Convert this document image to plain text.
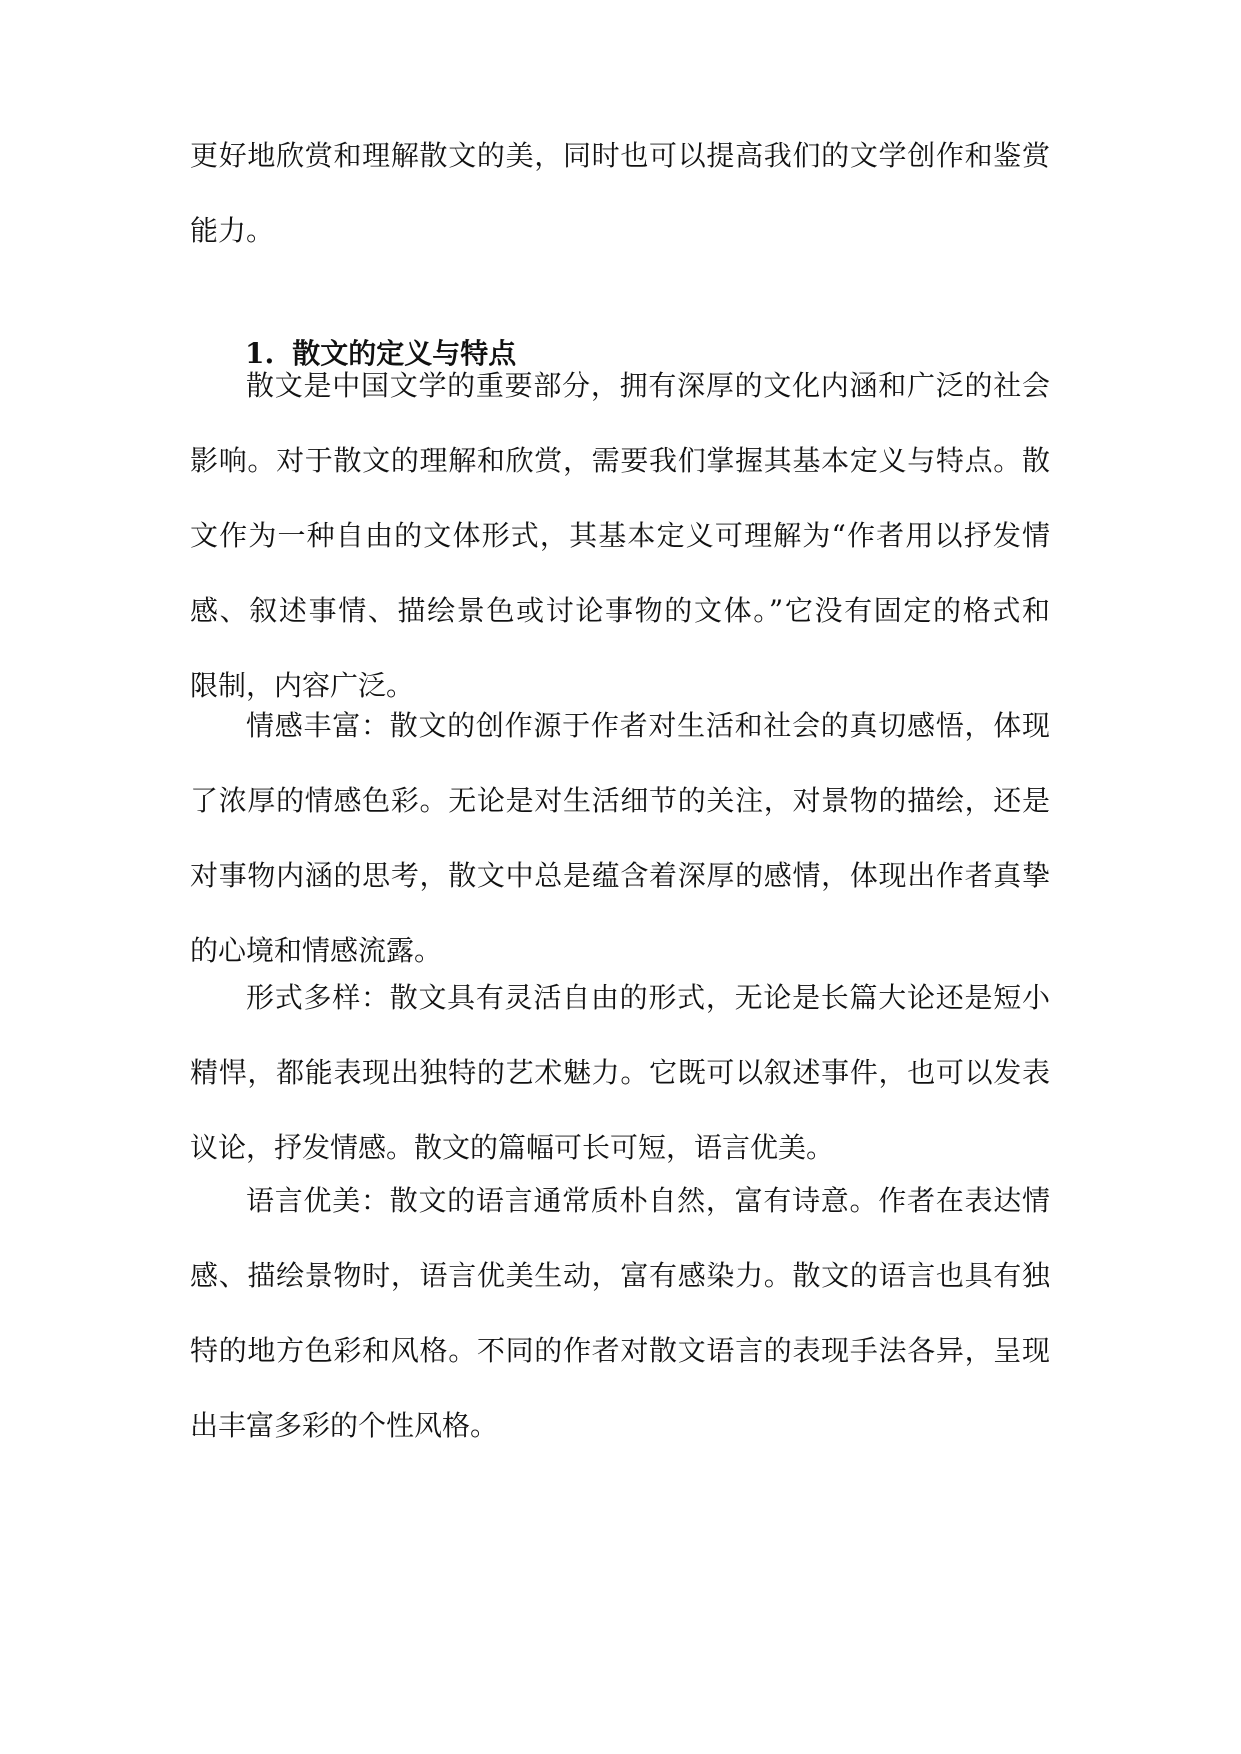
更好地欣赏和理解散文的美，同时也可以提高我们的文学创作和鉴赏
能力。
1. 散文的定义与特点
散文是中国文学的重要部分，拥有深厚的文化内涵和广泛的社会
影响。对于散文的理解和欣赏，需要我们掌握其基本定义与特点。散
文作为一种自由的文体形式，其基本定义可理解为“作者用以抒发情
感、叙述事情、描绘景色或讨论事物的文体。”它没有固定的格式和
限制，内容广泛。
情感丰富：散文的创作源于作者对生活和社会的真切感悟，体现
了浓厚的情感色彩。无论是对生活细节的关注，对景物的描绘，还是
对事物内涵的思考，散文中总是蕴含着深厚的感情，体现出作者真挚
的心境和情感流露。
形式多样：散文具有灵活自由的形式，无论是长篇大论还是短小
精悍，都能表现出独特的艺术魅力。它既可以叙述事件，也可以发表
议论，抒发情感。散文的篇幅可长可短，语言优美。
语言优美：散文的语言通常质朴自然，富有诗意。作者在表达情
感、描绘景物时，语言优美生动，富有感染力。散文的语言也具有独
特的地方色彩和风格。不同的作者对散文语言的表现手法各异，呈现
出丰富多彩的个性风格。
